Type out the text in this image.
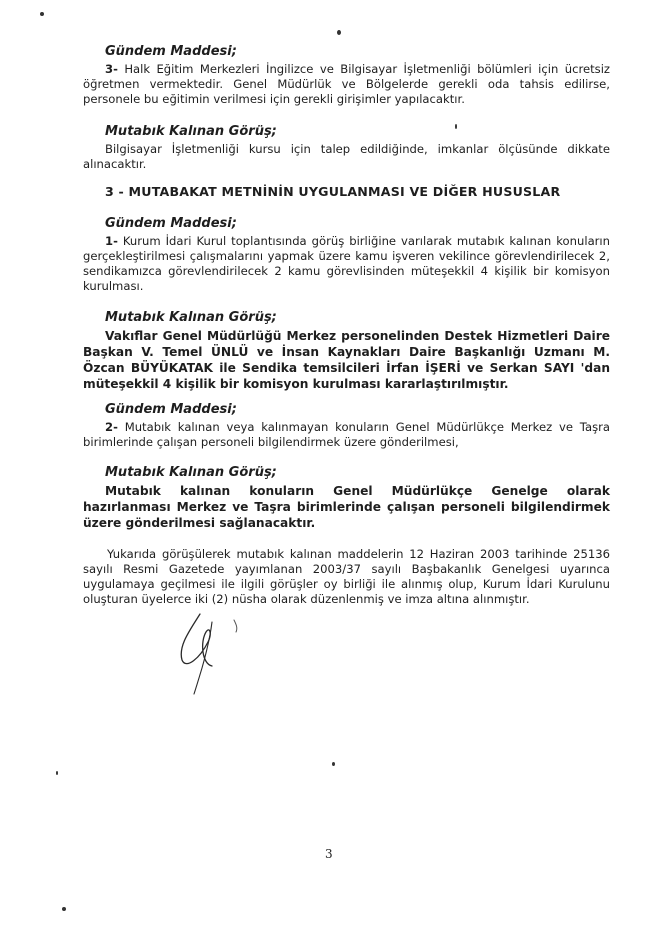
Gündem Maddesi;
3- Halk Eğitim Merkezleri İngilizce ve Bilgisayar İşletmenliği bölümleri için ücretsiz öğretmen vermektedir. Genel Müdürlük ve Bölgelerde gerekli oda tahsis edilirse, personele bu eğitimin verilmesi için gerekli girişimler yapılacaktır.
Mutabık Kalınan Görüş;
Bilgisayar İşletmenliği kursu için talep edildiğinde, imkanlar ölçüsünde dikkate alınacaktır.
3 - MUTABAKAT METNİNİN UYGULANMASI VE DİĞER HUSUSLAR
Gündem Maddesi;
1- Kurum İdari Kurul toplantısında görüş birliğine varılarak mutabık kalınan konuların gerçekleştirilmesi çalışmalarını yapmak üzere kamu işveren vekilince görevlendirilecek 2, sendikamızca görevlendirilecek 2 kamu görevlisinden müteşekkil 4 kişilik bir komisyon kurulması.
Mutabık Kalınan Görüş;
Vakıflar Genel Müdürlüğü Merkez personelinden Destek Hizmetleri Daire Başkan V. Temel ÜNLÜ ve İnsan Kaynakları Daire Başkanlığı Uzmanı M. Özcan BÜYÜKATAK ile Sendika temsilcileri İrfan İŞERİ ve Serkan SAYI 'dan müteşekkil 4 kişilik bir komisyon kurulması kararlaştırılmıştır.
Gündem Maddesi;
2- Mutabık kalınan veya kalınmayan konuların Genel Müdürlükçe Merkez ve Taşra birimlerinde çalışan personeli bilgilendirmek üzere gönderilmesi,
Mutabık Kalınan Görüş;
Mutabık kalınan konuların Genel Müdürlükçe Genelge olarak hazırlanması Merkez ve Taşra birimlerinde çalışan personeli bilgilendirmek üzere gönderilmesi sağlanacaktır.
Yukarıda görüşülerek mutabık kalınan maddelerin 12 Haziran 2003 tarihinde 25136 sayılı Resmi Gazetede yayımlanan 2003/37 sayılı Başbakanlık Genelgesi uyarınca uygulamaya geçilmesi ile ilgili görüşler oy birliği ile alınmış olup, Kurum İdari Kurulunu oluşturan üyelerce iki (2) nüsha olarak düzenlenmiş ve imza altına alınmıştır.
3
